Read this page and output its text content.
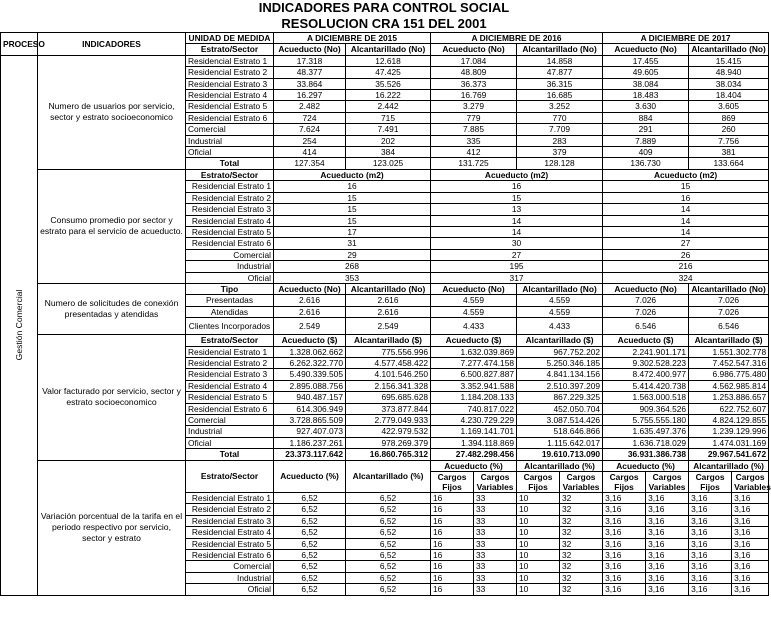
INDICADORES PARA CONTROL SOCIAL
RESOLUCION CRA 151 DEL 2001
PROCESO	INDICADORES	UNIDAD DE MEDIDA	A DICIEMBRE DE 2015		A DICIEMBRE DE 2016				A DICIEMBRE DE 2017			
		Estrato/Sector	Acueducto (No)	Alcantarillado (No)	Acueducto (No)		Alcantarillado (No)		Acueducto (No)		Alcantarillado (No)	

Gestión Comercial	Numero de usuarios por servicio, sector y estrato socioeconomico	Residencial Estrato 1	17.318	12.618	17.084		14.858		17.455		15.415	
		Residencial Estrato 2	48.377	47.425	48.809		47.877		49.605		48.940	
		Residencial Estrato 3	33.864	35.526	36.373		36.315		38.084		38.034	
		Residencial Estrato 4	16.297	16.222	16.769		16.685		18.483		18.404	
		Residencial Estrato 5	2.482	2.442	3.279		3.252		3.630		3.605	
		Residencial Estrato 6	724	715	779		770		884		869	
		Comercial	7.624	7.491	7.885		7.709		291		260	
		Industrial	254	202	335		283		7.889		7.756	
		Oficial	414	384	412		379		409		381	
		Total	127.354	123.025	131.725		128.128		136.730		133.664	
	Consumo promedio por sector y estrato para el servicio de acueducto.	Estrato/Sector	Acueducto (m2)		Acueducto (m2)				Acueducto (m2)			
		Residencial Estrato 1	16		16				15			
		Residencial Estrato 2	15		15				16			
		Residencial Estrato 3	15		13				14			
		Residencial Estrato 4	15		14				14			
		Residencial Estrato 5	17		14				14			
		Residencial Estrato 6	31		30				27			
		Comercial	29		27				26			
		Industrial	268		195				216			
		Oficial	353		317				324			
	Numero de solicitudes de conexión presentadas y atendidas	Tipo	Acueducto (No)	Alcantarillado (No)	Acueducto (No)		Alcantarillado (No)		Acueducto (No)		Alcantarillado (No)	
		Presentadas	2.616	2.616	4.559		4.559		7.026		7.026	
		Atendidas	2.616	2.616	4.559		4.559		7.026		7.026	
		Clientes Incorporados	2.549	2.549	4.433		4.433		6.546		6.546	
	Valor facturado por servicio, sector y estrato socioeconomico	Estrato/Sector	Acueducto ($)	Alcantarillado ($)	Acueducto ($)		Alcantarillado ($)		Acueducto ($)		Alcantarillado ($)	
		Residencial Estrato 1	1.328.062.662	775.556.996	1.632.039.869		967.752.202		2.241.901.171		1.551.302.778	
		Residencial Estrato 2	6.262.322.770	4.577.458.422	7.277.474.158		5.250.346.185		9.302.528.223		7.452.547.316	
		Residencial Estrato 3	5.490.339.505	4.101.546.250	6.500.827.887		4.841.134.156		8.472.400.977		6.986.775.480	
		Residencial Estrato 4	2.895.088.756	2.156.341.328	3.352.941.588		2.510.397.209		5.414.420.738		4.562.985.814	
		Residencial Estrato 5	940.487.157	695.685.628	1.184.208.133		867.229.325		1.563.000.518		1.253.886.657	
		Residencial Estrato 6	614.306.949	373.877.844	740.817.022		452.050.704		909.364.526		622.752.607	
		Comercial	3.728.865.509	2.779.049.933	4.230.729.229		3.087.514.426		5.755.555.180		4.824.129.855	
		Industrial	927.407.073	422.979.532	1.169.141.701		518.646.866		1.635.497.376		1.239.129.996	
		Oficial	1.186.237.261	978.269.379	1.394.118.869		1.115.642.017		1.636.718.029		1.474.031.169	
		Total	23.373.117.642	16.860.765.312	27.482.298.456		19.610.713.090		36.931.386.738		29.967.541.672	
	Variación porcentual de la tarifa en el periodo respectivo por servicio, sector y estrato	Estrato/Sector	Acueducto (%)	Alcantarillado (%)	Acueducto (%)		Alcantarillado (%)		Acueducto (%)		Alcantarillado (%)	
					Cargos Fijos	Cargos Variables	Cargos Fijos	Cargos Variables	Cargos Fijos	Cargos Variables	Cargos Fijos	Cargos Variables
		Residencial Estrato 1	6,52	6,52	16	33	10	32	3,16	3,16	3,16	3,16
		Residencial Estrato 2	6,52	6,52	16	33	10	32	3,16	3,16	3,16	3,16
		Residencial Estrato 3	6,52	6,52	16	33	10	32	3,16	3,16	3,16	3,16
		Residencial Estrato 4	6,52	6,52	16	33	10	32	3,16	3,16	3,16	3,16
		Residencial Estrato 5	6,52	6,52	16	33	10	32	3,16	3,16	3,16	3,16
		Residencial Estrato 6	6,52	6,52	16	33	10	32	3,16	3,16	3,16	3,16
		Comercial	6,52	6,52	16	33	10	32	3,16	3,16	3,16	3,16
		Industrial	6,52	6,52	16	33	10	32	3,16	3,16	3,16	3,16
		Oficial	6,52	6,52	16	33	10	32	3,16	3,16	3,16	3,16
